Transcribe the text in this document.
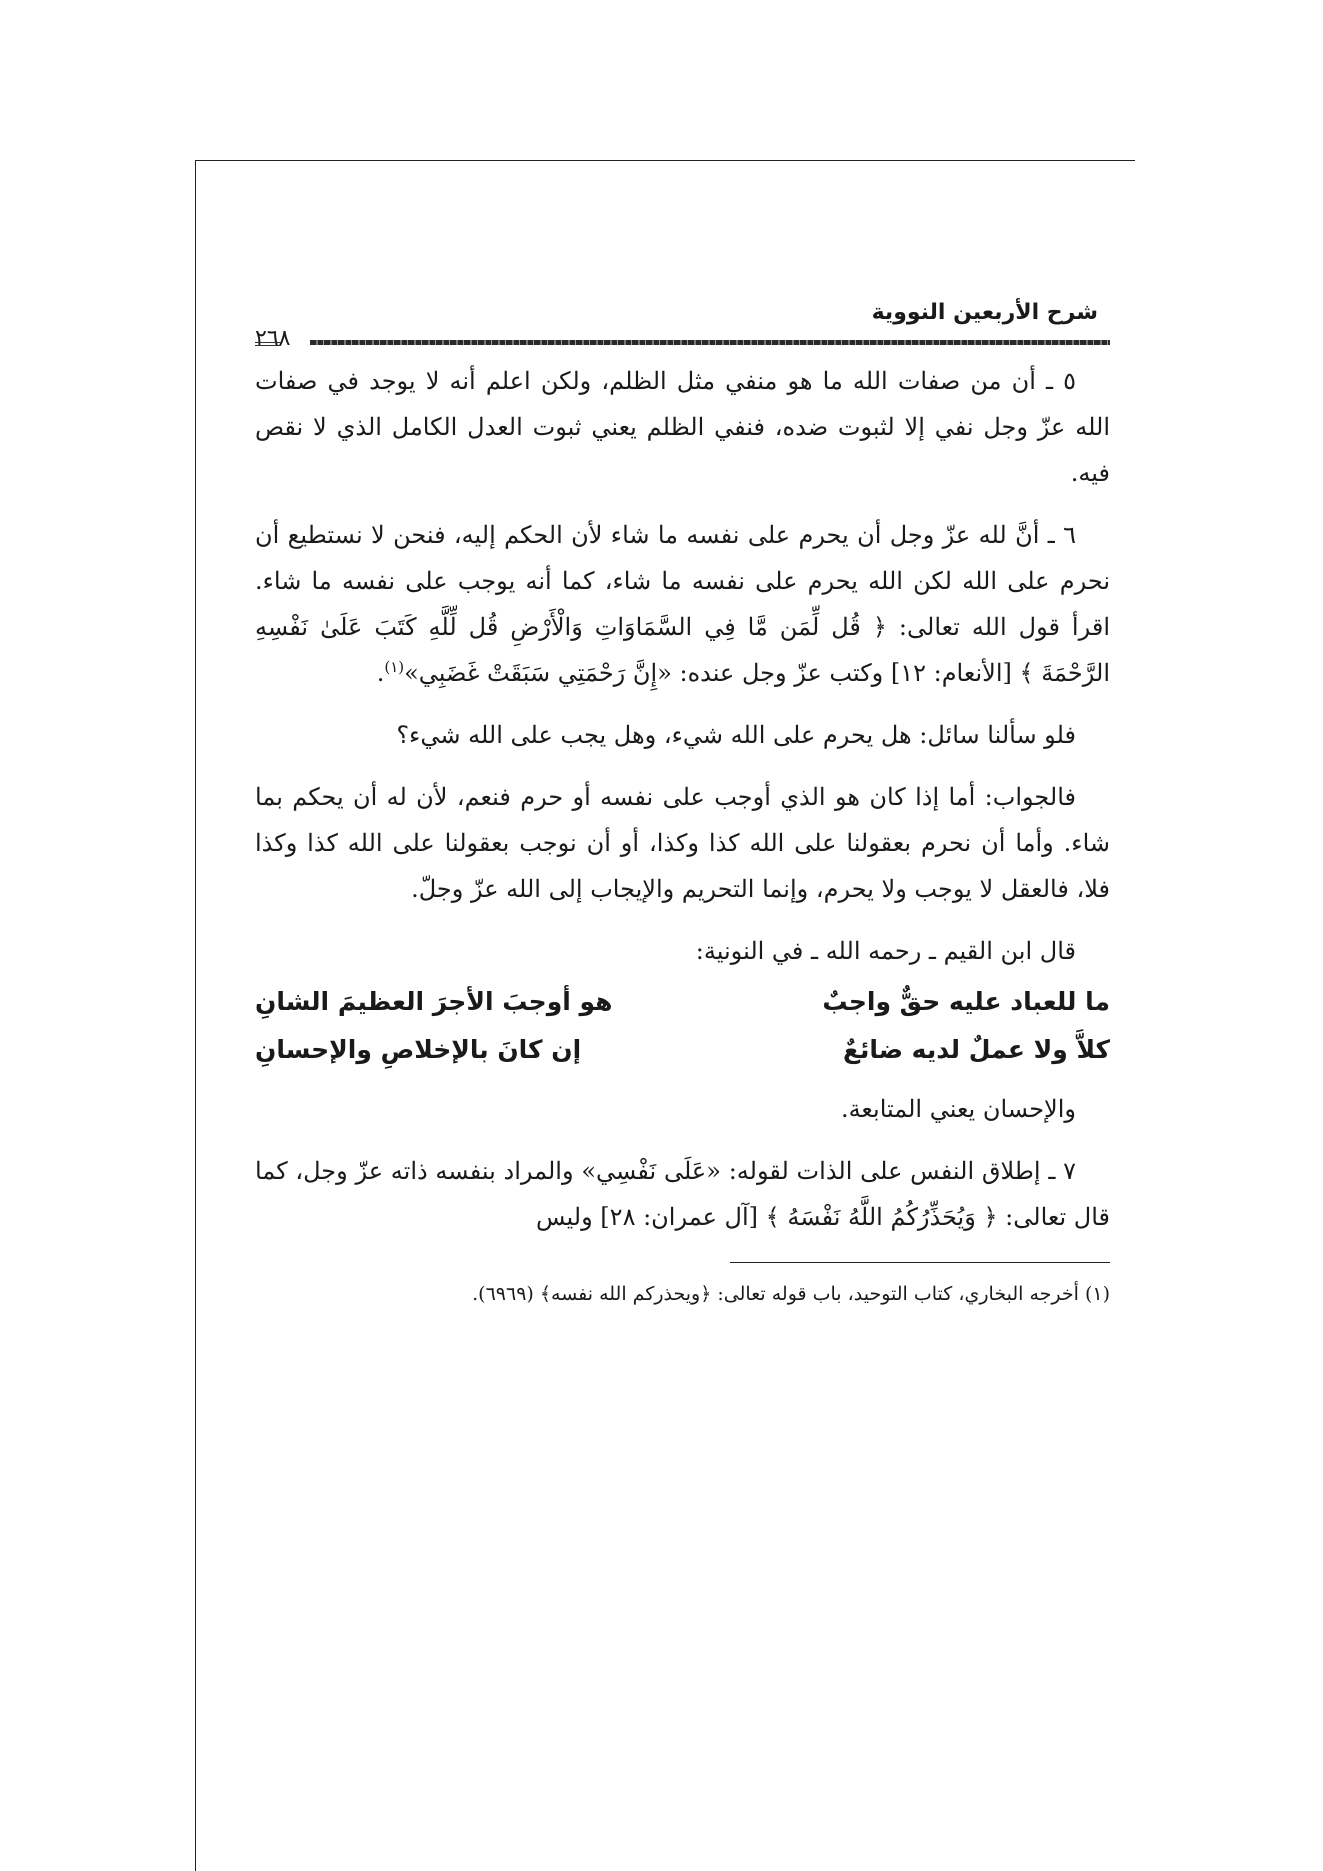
شرح الأربعين النووية
٢٦٨

٥ ـ أن من صفات الله ما هو منفي مثل الظلم، ولكن اعلم أنه لا يوجد في صفات الله عزّ وجل نفي إلا لثبوت ضده، فنفي الظلم يعني ثبوت العدل الكامل الذي لا نقص فيه.

٦ ـ أنَّ لله عزّ وجل أن يحرم على نفسه ما شاء لأن الحكم إليه، فنحن لا نستطيع أن نحرم على الله لكن الله يحرم على نفسه ما شاء، كما أنه يوجب على نفسه ما شاء. اقرأ قول الله تعالى: ﴿ قُل لِّمَن مَّا فِي السَّمَاوَاتِ وَالْأَرْضِ قُل لِّلَّهِ كَتَبَ عَلَىٰ نَفْسِهِ الرَّحْمَةَ ﴾ [الأنعام: ١٢] وكتب عزّ وجل عنده: «إِنَّ رَحْمَتِي سَبَقَتْ غَضَبِي»$^{(١)}$.

فلو سألنا سائل: هل يحرم على الله شيء، وهل يجب على الله شيء؟

فالجواب: أما إذا كان هو الذي أوجب على نفسه أو حرم فنعم، لأن له أن يحكم بما شاء. وأما أن نحرم بعقولنا على الله كذا وكذا، أو أن نوجب بعقولنا على الله كذا وكذا فلا، فالعقل لا يوجب ولا يحرم، وإنما التحريم والإيجاب إلى الله عزّ وجلّ.

قال ابن القيم ـ رحمه الله ـ في النونية:

ما للعباد عليه حقٌّ واجبٌ
هو أوجبَ الأجرَ العظيمَ الشانِ
كلاَّ ولا عملٌ لديه ضائعٌ
إن كانَ بالإخلاصِ والإحسانِ

والإحسان يعني المتابعة.

٧ ـ إطلاق النفس على الذات لقوله: «عَلَى نَفْسِي» والمراد بنفسه ذاته عزّ وجل، كما قال تعالى: ﴿ وَيُحَذِّرُكُمُ اللَّهُ نَفْسَهُ ﴾ [آل عمران: ٢٨] وليس

(١) أخرجه البخاري، كتاب التوحيد، باب قوله تعالى: ﴿ويحذركم الله نفسه﴾ (٦٩٦٩).
